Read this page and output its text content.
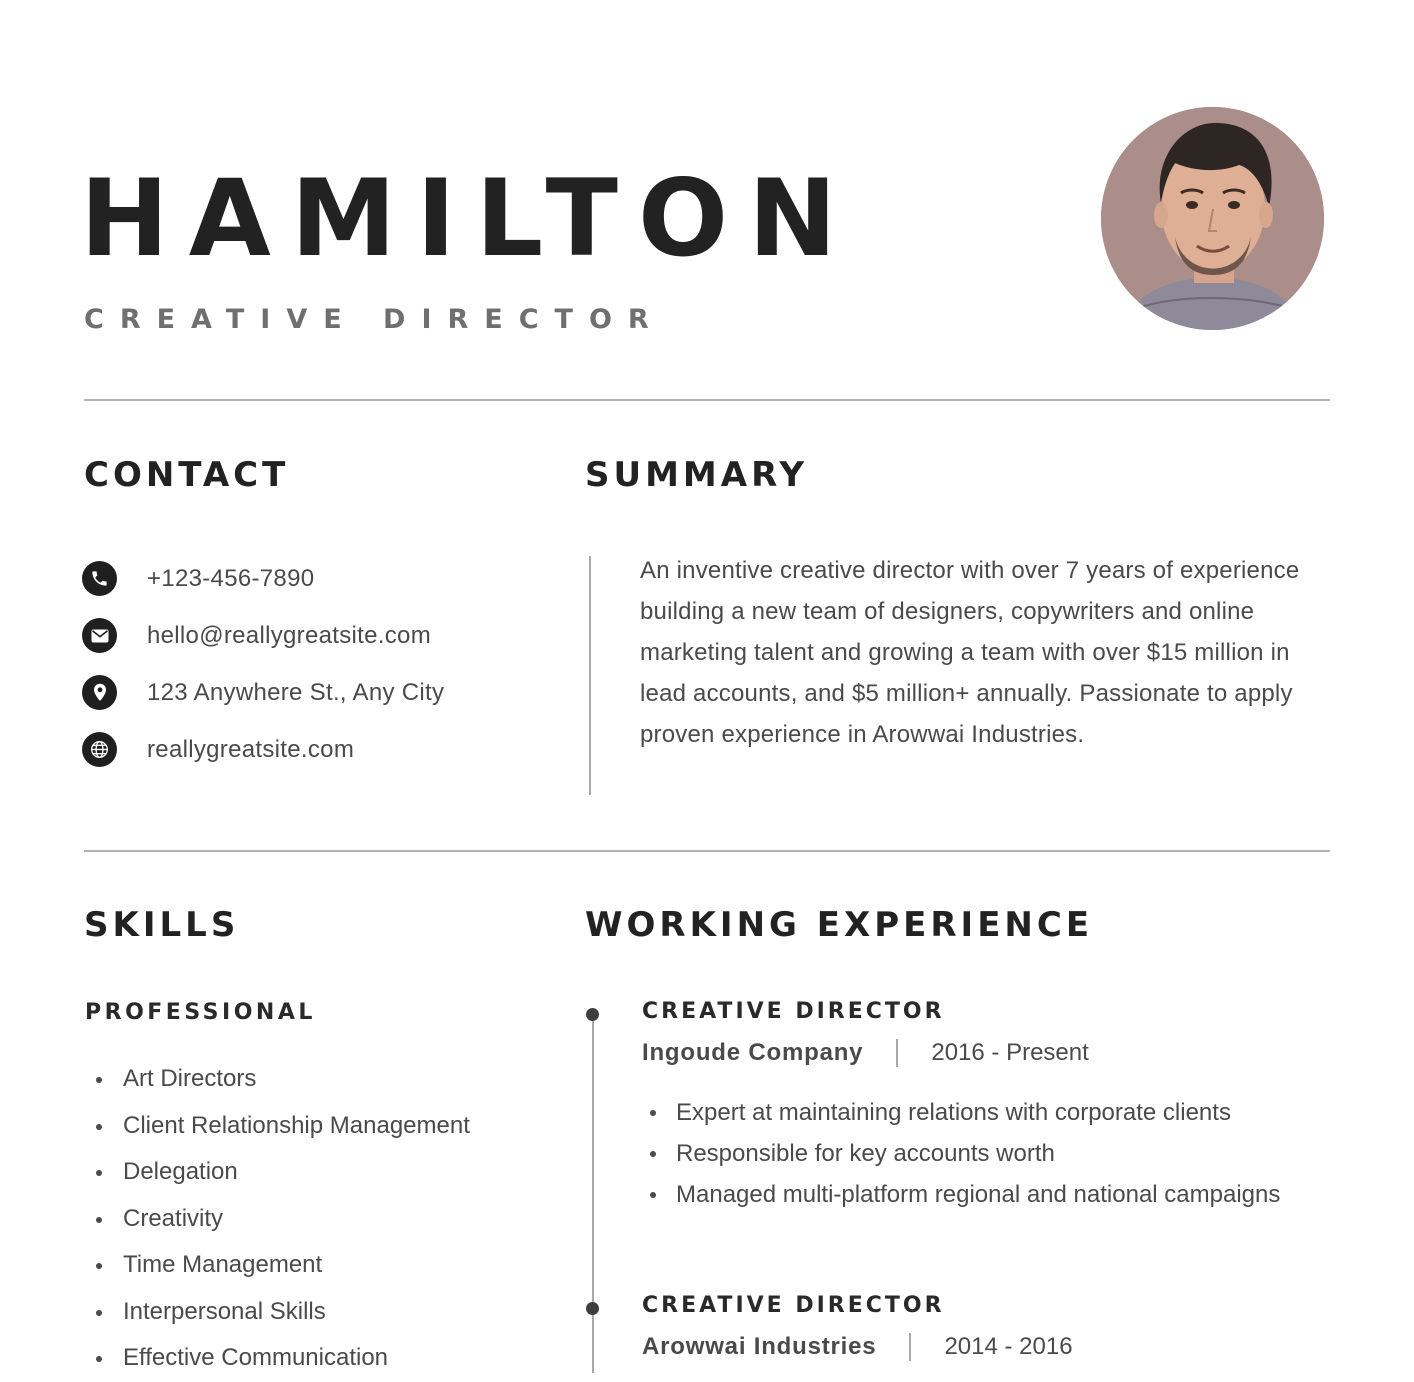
HAMILTON
CREATIVE DIRECTOR
CONTACT
+123-456-7890
hello@reallygreatsite.com
123 Anywhere St., Any City
reallygreatsite.com
SUMMARY

An inventive creative director with over 7 years of experience building a new team of designers, copywriters and online marketing talent and growing a team with over $15 million in lead accounts, and $5 million+ annually. Passionate to apply proven experience in Arowwai Industries.

SKILLS
PROFESSIONAL
Art Directors
Client Relationship Management
Delegation
Creativity
Time Management
Interpersonal Skills
Effective Communication
WORKING EXPERIENCE
CREATIVE DIRECTOR
Ingoude Company	2016 - Present
Expert at maintaining relations with corporate clients
Responsible for key accounts worth
Managed multi-platform regional and national campaigns
CREATIVE DIRECTOR
Arowwai Industries	2014 - 2016
